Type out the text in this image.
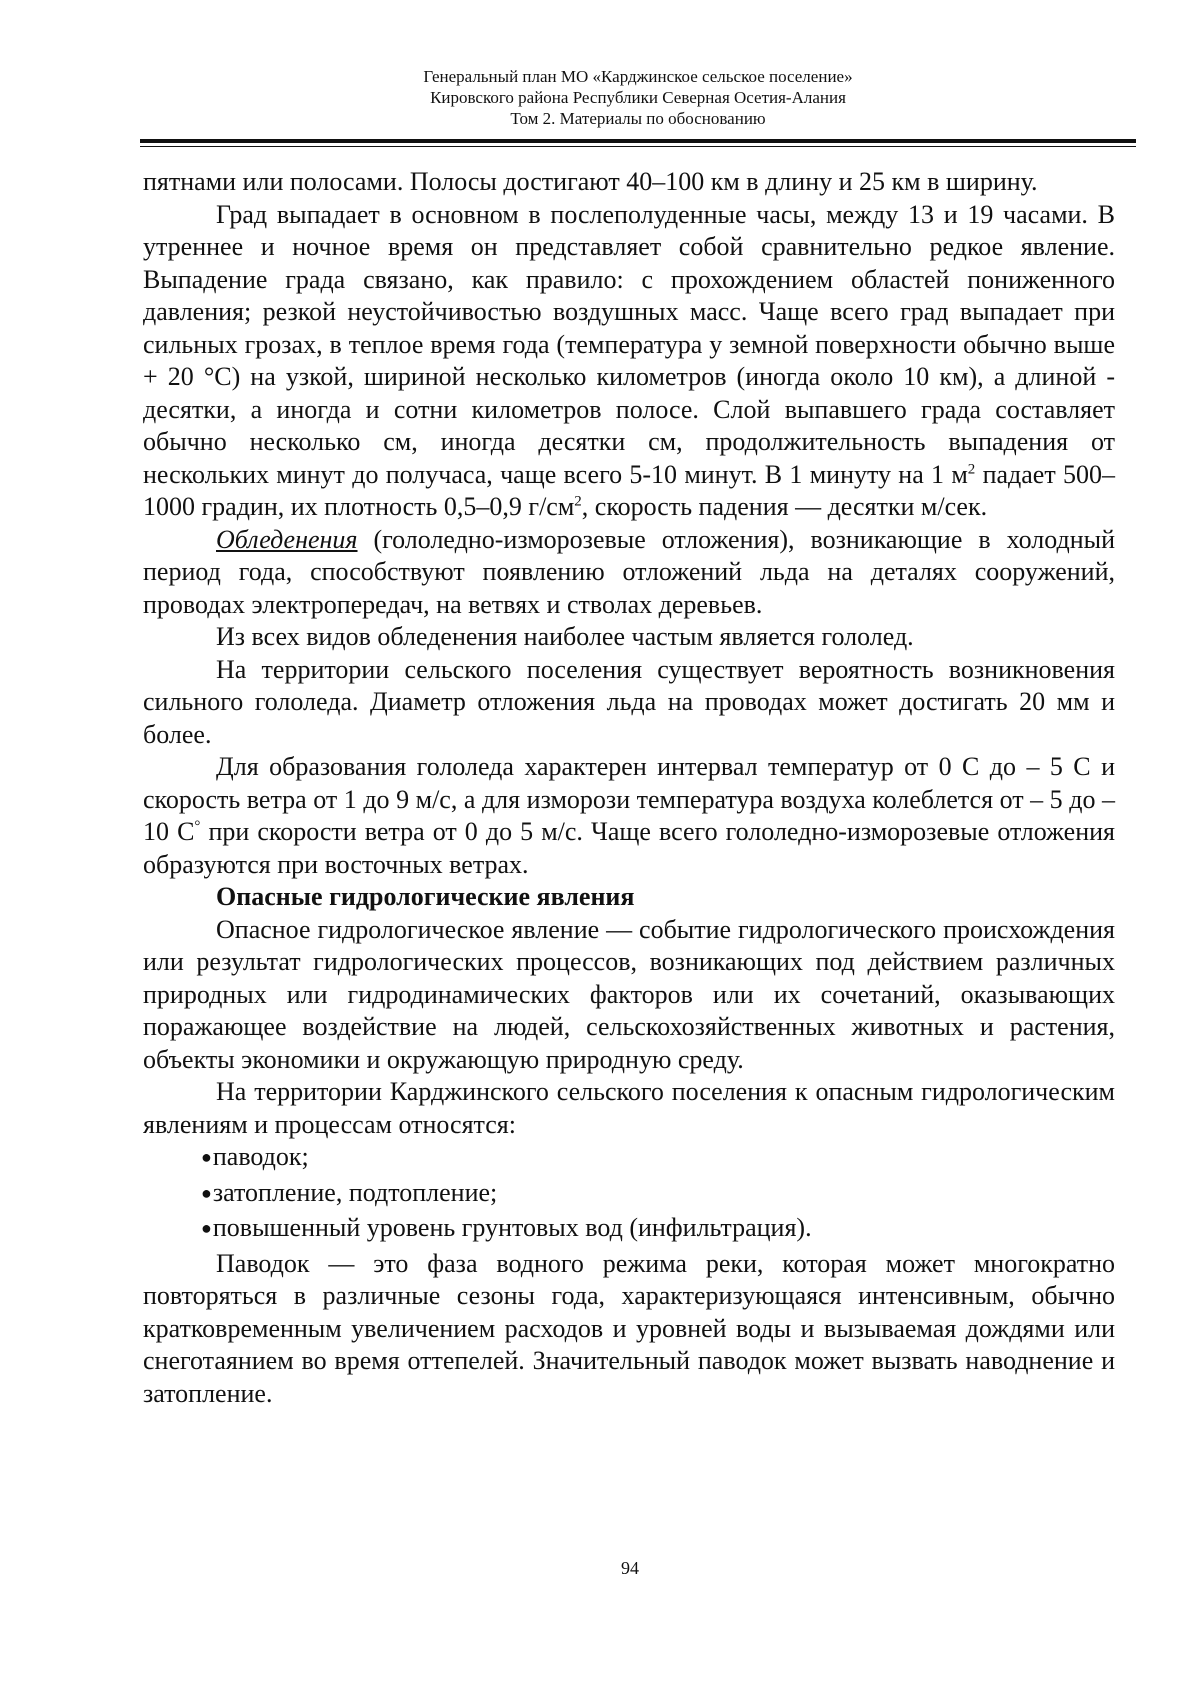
Генеральный план МО «Карджинское сельское поселение»
Кировского района Республики Северная Осетия-Алания
Том 2. Материалы по обоснованию

пятнами или полосами. Полосы достигают 40–100 км в длину и 25 км в ширину.

Град выпадает в основном в послеполуденные часы, между 13 и 19 часами. В утреннее и ночное время он представляет собой сравнительно редкое явление. Выпадение града связано, как правило: с прохождением областей пониженного давления; резкой неустойчивостью воздушных масс. Чаще всего град выпадает при сильных грозах, в теплое время года (температура у земной поверхности обычно выше + 20 °С) на узкой, шириной несколько километров (иногда около 10 км), а длиной - десятки, а иногда и сотни километров полосе. Слой выпавшего града составляет обычно несколько см, иногда десятки см, продолжительность выпадения от нескольких минут до получаса, чаще всего 5-10 минут. В 1 минуту на 1 $м^2$ падает 500–1000 градин, их плотность 0,5–0,9 $г/см^2$, скорость падения — десятки м/сек.

Обледенения (гололедно-изморозевые отложения), возникающие в холодный период года, способствуют появлению отложений льда на деталях сооружений, проводах электропередач, на ветвях и стволах деревьев.

Из всех видов обледенения наиболее частым является гололед.

На территории сельского поселения существует вероятность возникновения сильного гололеда. Диаметр отложения льда на проводах может достигать 20 мм и более.

Для образования гололеда характерен интервал температур от 0 С до – 5 С и скорость ветра от 1 до 9 м/с, а для изморози температура воздуха колеблется от – 5 до – 10 С° при скорости ветра от 0 до 5 м/с. Чаще всего гололедно-изморозевые отложения образуются при восточных ветрах.

Опасные гидрологические явления

Опасное гидрологическое явление — событие гидрологического происхождения или результат гидрологических процессов, возникающих под действием различных природных или гидродинамических факторов или их сочетаний, оказывающих поражающее воздействие на людей, сельскохозяйственных животных и растения, объекты экономики и окружающую природную среду.

На территории Карджинского сельского поселения к опасным гидрологическим явлениям и процессам относятся:

●паводок;
●затопление, подтопление;
●повышенный уровень грунтовых вод (инфильтрация).

Паводок — это фаза водного режима реки, которая может многократно повторяться в различные сезоны года, характеризующаяся интенсивным, обычно кратковременным увеличением расходов и уровней воды и вызываемая дождями или снеготаянием во время оттепелей. Значительный паводок может вызвать наводнение и затопление.

94
